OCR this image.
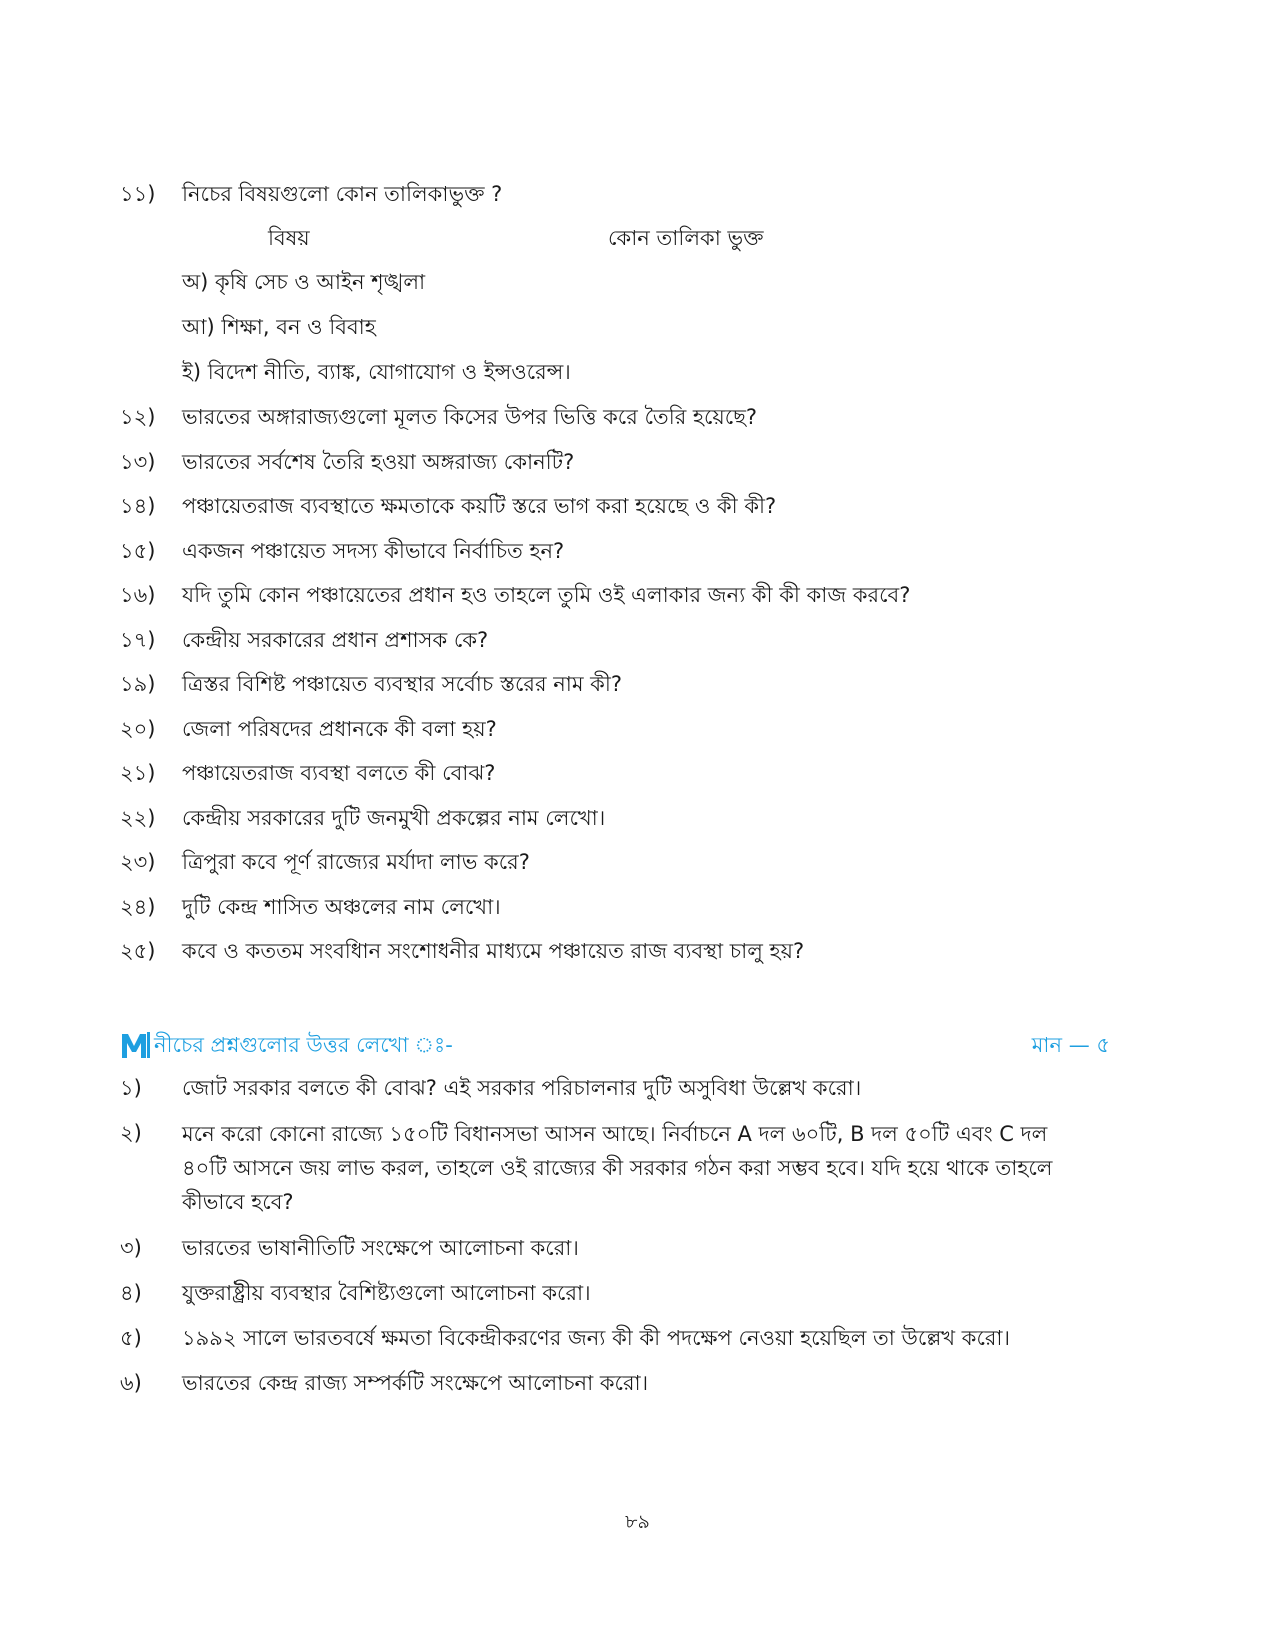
১১)	নিচের বিষয়গুলো কোন তালিকাভুক্ত ?
বিষয়	কোন তালিকা ভুক্ত
অ) কৃষি সেচ ও আইন শৃঙ্খলা
আ) শিক্ষা, বন ও বিবাহ
ই) বিদেশ নীতি, ব্যাঙ্ক, যোগাযোগ ও ইন্সওরেন্স।
১২)	ভারতের অঙ্গারাজ্যগুলো মূলত কিসের উপর ভিত্তি করে তৈরি হয়েছে?
১৩)	ভারতের সর্বশেষ তৈরি হওয়া অঙ্গরাজ্য কোনটি?
১৪)	পঞ্চায়েতরাজ ব্যবস্থাতে ক্ষমতাকে কয়টি স্তরে ভাগ করা হয়েছে ও কী কী?
১৫)	একজন পঞ্চায়েত সদস্য কীভাবে নির্বাচিত হন?
১৬)	যদি তুমি কোন পঞ্চায়েতের প্রধান হও তাহলে তুমি ওই এলাকার জন্য কী কী কাজ করবে?
১৭)	কেন্দ্রীয় সরকারের প্রধান প্রশাসক কে?
১৯)	ত্রিস্তর বিশিষ্ট পঞ্চায়েত ব্যবস্থার সর্বোচ স্তরের নাম কী?
২০)	জেলা পরিষদের প্রধানকে কী বলা হয়?
২১)	পঞ্চায়েতরাজ ব্যবস্থা বলতে কী বোঝ?
২২)	কেন্দ্রীয় সরকারের দুটি জনমুখী প্রকল্পের নাম লেখো।
২৩)	ত্রিপুরা কবে পূর্ণ রাজ্যের মর্যাদা লাভ করে?
২৪)	দুটি কেন্দ্র শাসিত অঞ্চলের নাম লেখো।
২৫)	কবে ও কততম সংবধিান সংশোধনীর মাধ্যমে পঞ্চায়েত রাজ ব্যবস্থা চালু হয়?
নীচের প্রশ্নগুলোর উত্তর লেখো ঃ-	মান — ৫
১)	জোট সরকার বলতে কী বোঝ? এই সরকার পরিচালনার দুটি অসুবিধা উল্লেখ করো।
২)	মনে করো কোনো রাজ্যে ১৫০টি বিধানসভা আসন আছে। নির্বাচনে A দল ৬০টি, B দল ৫০টি এবং C দল ৪০টি আসনে জয় লাভ করল, তাহলে ওই রাজ্যের কী সরকার গঠন করা সম্ভব হবে। যদি হয়ে থাকে তাহলে কীভাবে হবে?
৩)	ভারতের ভাষানীতিটি সংক্ষেপে আলোচনা করো।
৪)	যুক্তরাষ্ট্রীয় ব্যবস্থার বৈশিষ্ট্যগুলো আলোচনা করো।
৫)	১৯৯২ সালে ভারতবর্ষে ক্ষমতা বিকেন্দ্রীকরণের জন্য কী কী পদক্ষেপ নেওয়া হয়েছিল তা উল্লেখ করো।
৬)	ভারতের কেন্দ্র রাজ্য সম্পর্কটি সংক্ষেপে আলোচনা করো।
৮৯
